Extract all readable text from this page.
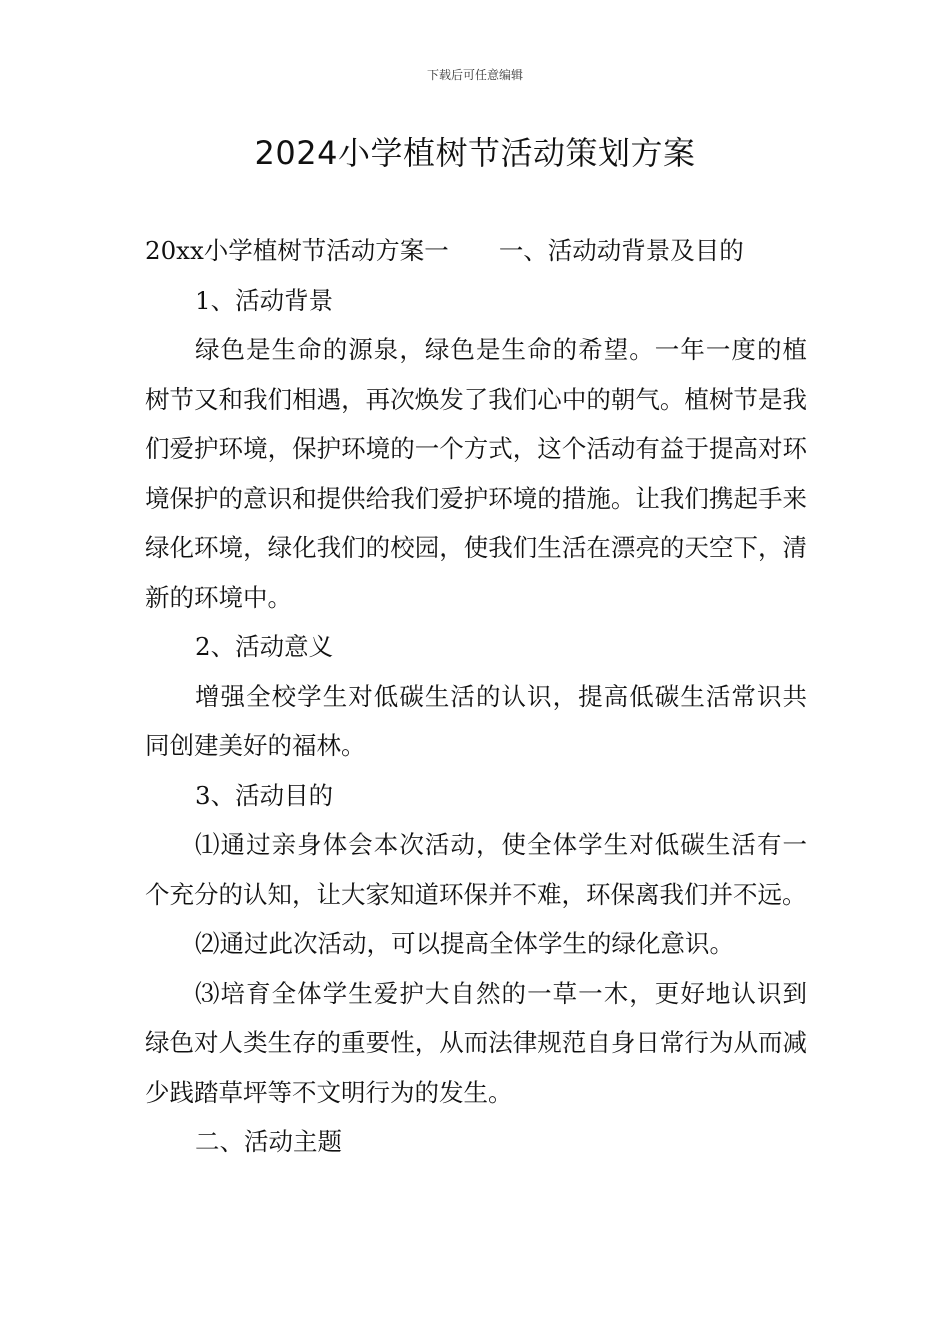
下载后可任意编辑
2024小学植树节活动策划方案

20xx小学植树节活动方案一 一、活动动背景及目的

1、活动背景

绿色是生命的源泉，绿色是生命的希望。一年一度的植树节又和我们相遇，再次焕发了我们心中的朝气。植树节是我们爱护环境，保护环境的一个方式，这个活动有益于提高对环境保护的意识和提供给我们爱护环境的措施。让我们携起手来绿化环境，绿化我们的校园，使我们生活在漂亮的天空下，清新的环境中。

2、活动意义

增强全校学生对低碳生活的认识，提高低碳生活常识共同创建美好的福林。

3、活动目的

⑴通过亲身体会本次活动，使全体学生对低碳生活有一个充分的认知，让大家知道环保并不难，环保离我们并不远。

⑵通过此次活动，可以提高全体学生的绿化意识。

⑶培育全体学生爱护大自然的一草一木，更好地认识到绿色对人类生存的重要性，从而法律规范自身日常行为从而减少践踏草坪等不文明行为的发生。

二、活动主题
